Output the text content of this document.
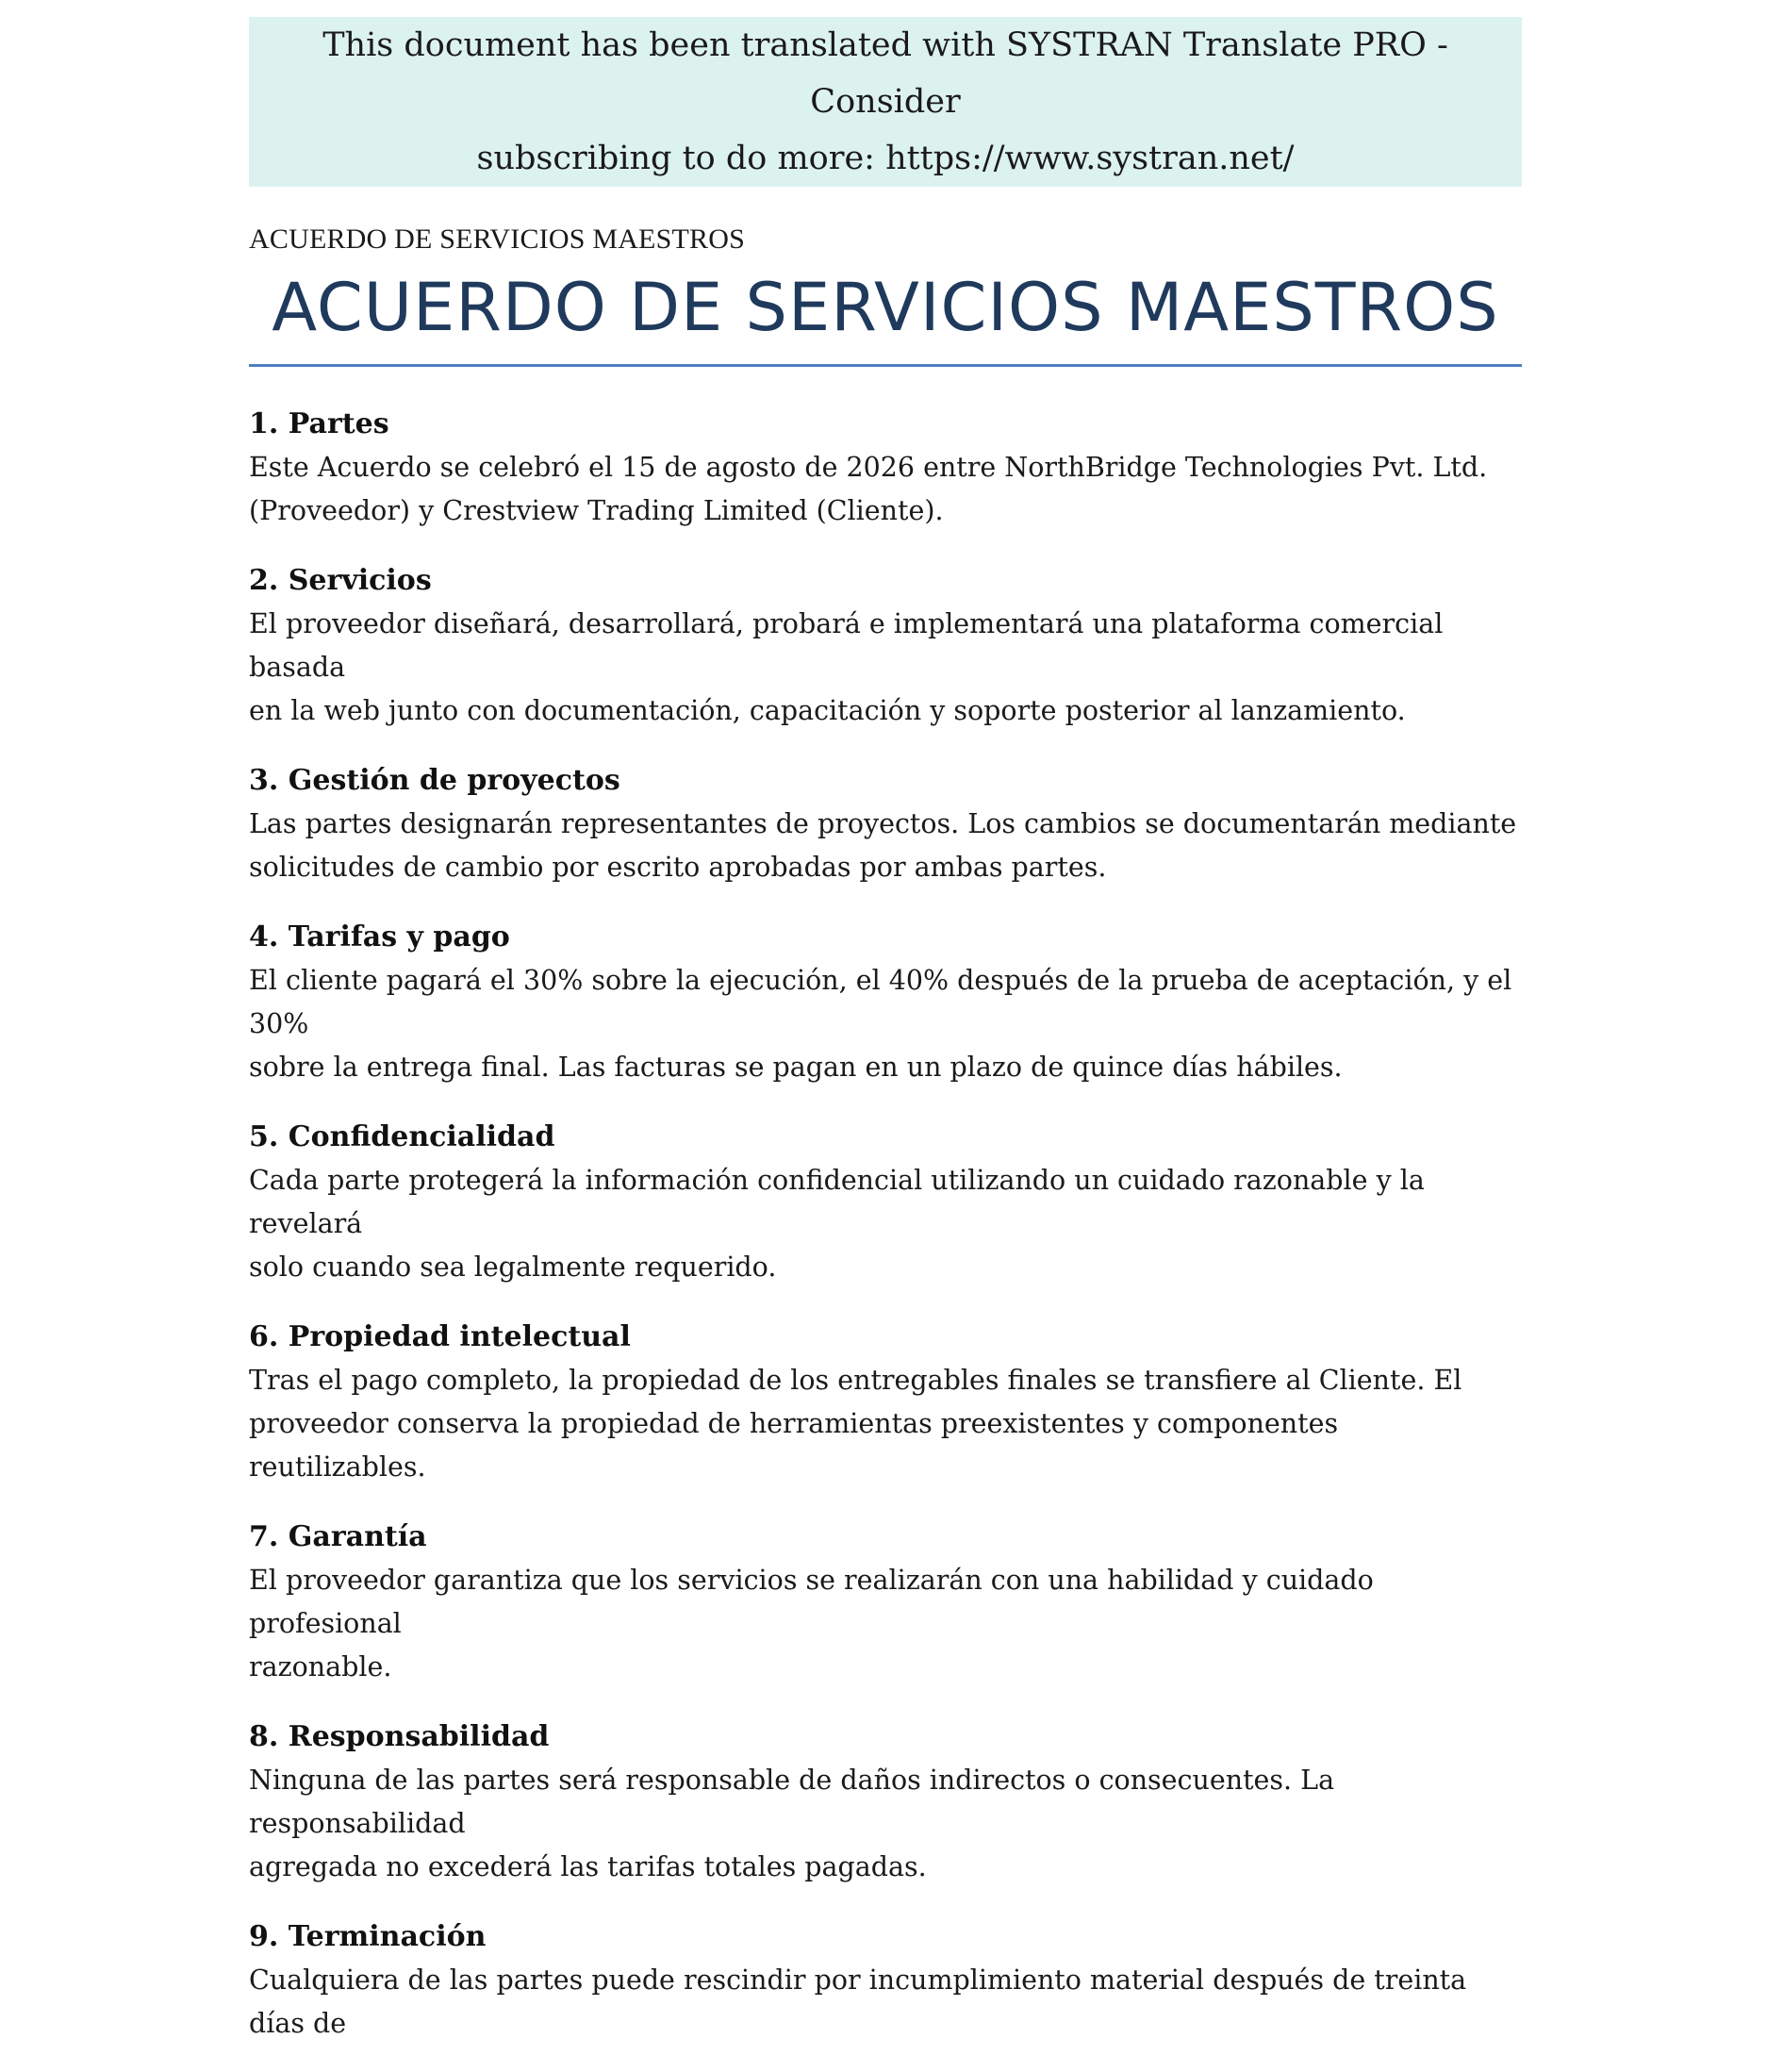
This document has been translated with SYSTRAN Translate PRO - Consider
subscribing to do more: https://www.systran.net/
ACUERDO DE SERVICIOS MAESTROS
ACUERDO DE SERVICIOS MAESTROS
1. Partes
Este Acuerdo se celebró el 15 de agosto de 2026 entre NorthBridge Technologies Pvt. Ltd.
(Proveedor) y Crestview Trading Limited (Cliente).
2. Servicios
El proveedor diseñará, desarrollará, probará e implementará una plataforma comercial basada
en la web junto con documentación, capacitación y soporte posterior al lanzamiento.
3. Gestión de proyectos
Las partes designarán representantes de proyectos. Los cambios se documentarán mediante
solicitudes de cambio por escrito aprobadas por ambas partes.
4. Tarifas y pago
El cliente pagará el 30% sobre la ejecución, el 40% después de la prueba de aceptación, y el 30%
sobre la entrega final. Las facturas se pagan en un plazo de quince días hábiles.
5. Confidencialidad
Cada parte protegerá la información confidencial utilizando un cuidado razonable y la revelará
solo cuando sea legalmente requerido.
6. Propiedad intelectual
Tras el pago completo, la propiedad de los entregables finales se transfiere al Cliente. El
proveedor conserva la propiedad de herramientas preexistentes y componentes reutilizables.
7. Garantía
El proveedor garantiza que los servicios se realizarán con una habilidad y cuidado profesional
razonable.
8. Responsabilidad
Ninguna de las partes será responsable de daños indirectos o consecuentes. La responsabilidad
agregada no excederá las tarifas totales pagadas.
9. Terminación
Cualquiera de las partes puede rescindir por incumplimiento material después de treinta días de
